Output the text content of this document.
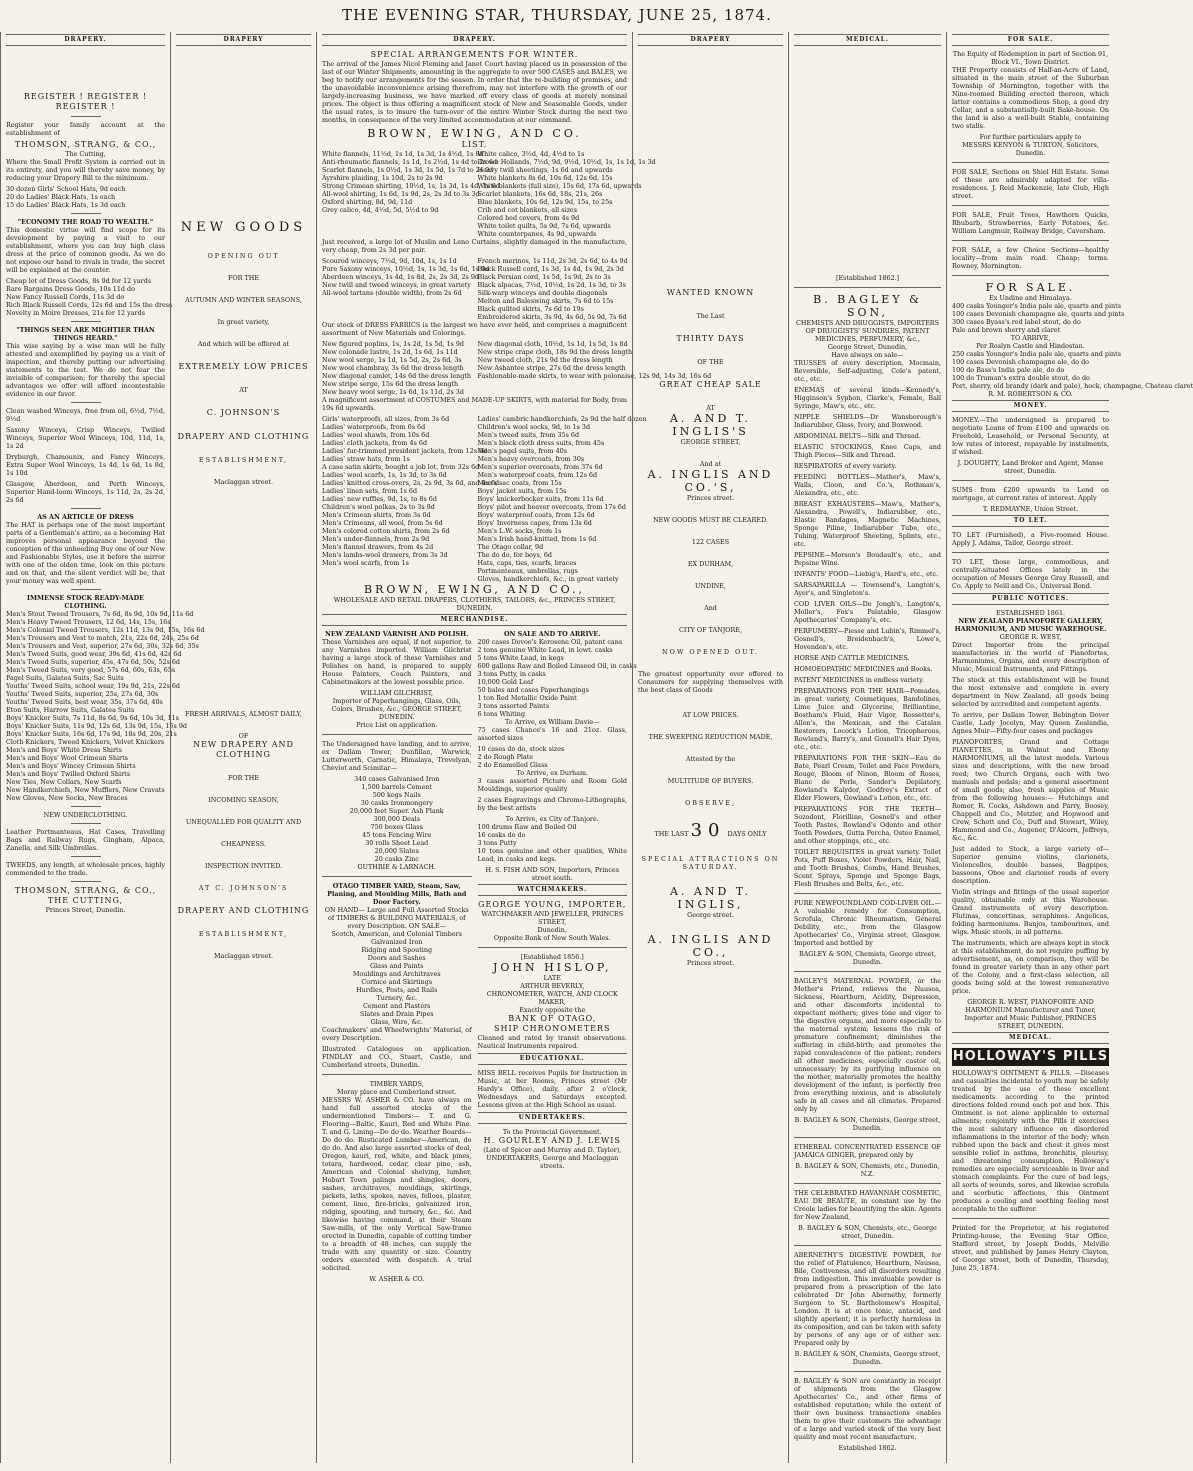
THE EVENING STAR, THURSDAY, JUNE 25, 1874.
DRAPERY.
REGISTER ! REGISTER ! REGISTER !

Register your family account at the establishment of

THOMSON, STRANG, & CO.,
The Cutting,

Where the Small Profit System is carried out in its entirety, and you will thereby save money, by reducing your Drapery Bill to the minimum.

30 dozen Girls' School Hats, 9d each
20 do Ladies' Black Hats, 1s each
15 do Ladies' Black Hats, 1s 3d each
"ECONOMY THE ROAD TO WEALTH."

This domestic virtue will find scope for its development by paying a visit to our establishment, where you can buy high class dress at the price of common goods. As we do not expose our hand to rivals in trade, the secret will be explained at the counter.

Cheap lot of Dress Goods, 8s 9d for 12 yards
Rare Bargains Dress Goods, 10s 11d do
New Fancy Russell Cords, 11s 3d do
Rich Black Russell Cords, 12s 6d and 15s the dress
Novelty in Moire Dresses, 21s for 12 yards
"THINGS SEEN ARE MIGHTIER THAN THINGS HEARD."

This wise saying by a wise man will be fully attested and exemplified by paying us a visit of inspection, and thereby putting our advertising statements to the test. We do not fear the invisible of comparison; for thereby the special advantages we offer will afford incontestable evidence in our favor.

Clean washed Winceys, free from oil, 6½d, 7½d, 9½d

Saxony Winceys, Crisp Winceys, Twilled Winceys, Superior Wool Winceys, 10d, 11d, 1s, 1s 2d

Dryburgh, Chamounix, and Fancy Winceys, Extra Super Wool Winceys, 1s 4d, 1s 6d, 1s 8d, 1s 10d

Glasgow, Aberdeen, and Perth Winceys, Superior Hand-loom Winceys, 1s 11d, 2s, 2s 2d, 2s 6d

AS AN ARTICLE OF DRESS

The HAT is perhaps one of the most important parts of a Gentleman's attire, as a becoming Hat improves personal appearance beyond the conception of the unheeding Buy one of our New and Fashionable Styles, use it before the mirror with one of the olden time, look on this picture and on that, and the silent verdict will be, that your money was well spent.

IMMENSE STOCK READY-MADE CLOTHING.
Men's Stout Tweed Trousers, 7s 6d, 8s 9d, 10s 9d, 11s 6d
Men's Heavy Tweed Trousers, 12 6d, 14s, 15s, 16s
Men's Colonial Tweed Trousers, 12s 11d, 13s 9d, 15s, 16s 6d
Men's Trousers and Vest to match, 21s, 22s 6d, 24s, 25s 6d
Men's Trousers and Vest, superior, 27s 6d, 30s, 32s 6d, 35s
Men's Tweed Suits, good wear, 39s 6d, 41s 6d, 42s 6d
Men's Tweed Suits, superior, 45s, 47s 6d, 50s, 52s 6d
Men's Tweed Suits, very good, 57s 6d, 60s, 63s, 65s
Pagel Suits, Galatea Suits, Sac Suits
Youths' Tweed Suits, school wear, 19s 9d, 21s, 22s 6d
Youths' Tweed Suits, superior, 25s, 27s 6d, 30s
Youths' Tweed Suits, best wear, 35s, 37s 6d, 40s
Eton Suits, Harrow Suits, Galatea Suits
Boys' Knicker Suits, 7s 11d, 8s 6d, 9s 6d, 10s 3d, 11s
Boys' Knicker Suits, 11s 9d, 12s 6d, 13s 9d, 15s, 15s 9d
Boys' Knicker Suits, 16s 6d, 17s 9d, 18s 9d, 20s, 21s
Cloth Knickers, Tweed Knickers, Velvet Knickers
Men's and Boys' White Dress Shirts
Men's and Boys' Wool Crimean Shirts
Men's and Boys' Wincey Crimean Shirts
Men's and Boys' Twilled Oxford Shirts
New Ties, New Collars, New Scarfs
New Handkerchiefs, New Mufflers, New Cravats
New Gloves, New Socks, New Braces
NEW UNDERCLOTHING.

Leather Portmanteaus, Hat Cases, Travelling Bags and Railway Rugs, Gingham, Alpaca, Zanella, and Silk Umbrellas.

TWEEDS, any length, at wholesale prices, highly commended to the trade.

THOMSON, STRANG, & CO.,
THE CUTTING,
Princes Street, Dunedin.
DRAPERY
NEW GOODS
OPENING OUT
FOR THE
AUTUMN AND WINTER SEASONS,
In great variety,
And which will be offered at
EXTREMELY LOW PRICES
AT
C. JOHNSON'S
DRAPERY AND CLOTHING
ESTABLISHMENT,
Maclaggan street.
FRESH ARRIVALS, ALMOST DAILY,
OF
NEW DRAPERY AND CLOTHING
FOR THE
INCOMING SEASON,
UNEQUALLED FOR QUALITY AND
CHEAPNESS.
INSPECTION INVITED.
AT C. JOHNSON'S
DRAPERY AND CLOTHING
ESTABLISHMENT,
Maclaggan street.
DRAPERY.
SPECIAL ARRANGEMENTS FOR WINTER.

The arrival of the James Nicol Fleming and Janet Court having placed us in possession of the last of our Winter Shipments, amounting in the aggregate to over 500 CASES and BALES, we beg to notify our arrangements for the season. In order that the re-building of premises, and the unavoidable inconvenience arising therefrom, may not interfere with the growth of our largely-increasing business, we have marked off every class of goods at merely nominal prices. The object is thus offering a magnificent stock of New and Seasonable Goods, under the usual rates, is to insure the turn-over of the entire Winter Stock during the next two months, in consequence of the very limited accommodation at our command.

BROWN, EWING, AND CO.
LIST.
White flannels, 11½d, 1s 1d, 1s 3d, 1s 4½d, 1s 8d
Anti-rheumatic flannels, 1s 1d, 1s 2½d, 1s 4d to 2s 6d
Scarlet flannels, 1s 0½d, 1s 3d, 1s 5d, 1s 7d to 2s 9d
Ayrshire plaiding, 1s 10d, 2s to 2s 9d
Strong Crimean shirting, 10½d, 1s, 1s 3d, 1s 4d, 1s 6d
All-wool shirting, 1s 6d, 1s 9d, 2s, 2s 3d to 3s 3d
Oxford shirting, 8d, 9d, 11d
Grey calico, 4d, 4½d, 5d, 5½d to 9d
White calico, 3½d, 4d, 4½d to 1s
Brown Hollands, 7½d, 9d, 9½d, 10½d, 1s, 1s 1d, 1s 3d
Heavy twill sheetings, 1s 6d and upwards
White blankets 8s 6d, 10s 6d, 12s 6d, 15s
White blankets (full size), 15s 6d, 17s 6d, upwards
Scarlet blankets, 16s 6d, 18s, 21s, 26s
Blue blankets, 10s 6d, 12s 9d, 15s, to 25s
Crib and cot blankets, all sizes
Colored bed covers, from 4s 9d
White toilet quilts, 5s 9d, 7s 6d, upwards
White counterpanes, 4s 9d, upwards

Just received, a large lot of Muslin and Leno Curtains, slightly damaged in the manufacture, very cheap, from 2s 3d per pair.

Scoured winceys, 7½d, 9d, 10d, 1s, 1s 1d
Pure Saxony winceys, 10½d, 1s, 1s 3d, 1s 6d, 1s 9d
Aberdeen winceys, 1s 4d, 1s 8d, 2s, 2s 3d, 2s 9d
New twill and tweed winceys, in great variety
All-wool tartans (double width), from 2s 6d
French merinos, 1s 11d, 2s 3d, 2s 6d, to 4s 9d
Black Russell cord, 1s 3d, 1s 4d, 1s 9d, 2s 3d
Black Persian cord, 1s 5d, 1s 9d, 2s to 3s
Black alpacas, 7½d, 10½d, 1s 2d, 1s 3d, to 3s
Silk-warp winceys and double diagonals
Melton and Baleswing skirts, 7s 6d to 15s
Black quilted skirts, 7s 6d to 19s
Embroidered skirts, 3s 9d, 4s 6d, 5s 9d, 7s 6d

Our stock of DRESS FABRICS is the largest we have ever held, and comprises a magnificent assortment of New Materials and Colorings.

New figured poplins, 1s, 1s 2d, 1s 5d, 1s 9d
New colonade lustre, 1s 2d, 1s 6d, 1s 11d
New wool serge, 1s 1d, 1s 5d, 2s, 2s 6d, 3s
New wool chambray, 3s 6d the dress length
New diagonal camlet, 14s 6d the dress length
New stripe serge, 15s 6d the dress length
New heavy wool serge, 1s 6d, 1s 11d, 2s 3d
New diagonal cloth, 10½d, 1s 1d, 1s 5d, 1s 8d
New stripe crape cloth, 18s 9d the dress length
New tweed cloth, 21s 9d the dress length
New Ashantee stripe, 27s 6d the dress length
Fashionable-made skirts, to wear with polonaise, 12s 9d, 14s 3d, 16s 6d

A magnificent assortment of COSTUMES and MADE-UP SKIRTS, with material for Body, from 19s 6d upwards.

Girls' waterproofs, all sizes, from 3s 6d
Ladies' waterproofs, from 6s 6d
Ladies' wool shawls, from 10s 6d
Ladies' cloth jackets, from 4s 6d
Ladies' fur-trimmed president jackets, from 12s 6d
Ladies' straw hats, from 1s
A case satin skirts, bought a job lot, from 32s 6d
Ladies' wool scarfs, 1s, 1s 3d, to 3s 6d
Ladies' knitted cross-overs, 2s, 2s 9d, 3s 6d, and 4s 6d
Ladies' linen sets, from 1s 6d
Ladies' new ruffles, 9d, 1s, to 8s 6d
Children's wool polkas, 2s to 3s 9d
Men's Crimean shirts, from 3s 6d
Men's Crimeans, all wool, from 5s 6d
Men's colored cotton shirts, from 2s 6d
Men's under-flannels, from 2s 9d
Men's flannel drawers, from 4s 2d
Men's lambs-wool drawers, from 3s 3d
Men's wool scarfs, from 1s
Ladies' cambric handkerchiefs, 2s 9d the half dozen
Children's wool socks, 9d, to 1s 3d
Men's tweed suits, from 35s 6d
Men's black cloth dress suits, from 45s
Men's pagel suits, from 40s
Men's heavy overcoats, from 30s
Men's superior overcoats, from 37s 6d
Men's waterproof coats, from 12s 6d
Men's sac coats, from 15s
Boys' jacket suits, from 15s
Boys' knickerbocker suits, from 11s 6d
Boys' pilot and beaver overcoats, from 17s 6d
Boys' waterproof coats, from 12s 6d
Boys' Inverness capes, from 13s 6d
Men's L.W. socks, from 1s
Men's Irish hand-knitted, from 1s 6d
The Otago collar, 9d
The do do, for boys, 6d
Hats, caps, ties, scarfs, braces
Portmanteaux, umbrellas, rugs
Gloves, handkerchiefs, &c., in great variety
BROWN, EWING, AND CO.,
WHOLESALE AND RETAIL DRAPERS, CLOTHIERS, TAILORS, &c., PRINCES STREET, DUNEDIN.
MERCHANDISE.
NEW ZEALAND VARNISH AND POLISH.

These Varnishes are equal, if not superior, to any Varnishes imported. William Gilchrist having a large stock of these Varnishes and Polishes on hand, is prepared to supply House Painters, Coach Painters, and Cabinetmakers at the lowest possible price.

WILLIAM GILCHRIST,
Importer of Paperhangings, Glass, Oils, Colors, Brushes, &c., GEORGE STREET, DUNEDIN.
Price List on application.

The Undersigned have landing, and to arrive, ex Dallam Tower, Dunfillan, Warwick, Lutterworth, Carnatic, Himalaya, Trevelyan, Cheviot and Scimitar—

340 cases Galvanised Iron
1,500 barrels Cement
500 kegs Nails
30 casks Ironmongery
20,000 feet Super. Ash Plank
300,000 Deals
750 boxes Glass
45 tons Fencing Wire
30 rolls Sheet Lead
20,000 Slates
20 casks Zinc
GUTHRIE & LARNACH.
OTAGO TIMBER YARD, Steam, Saw, Planing, and Moulding Mills, Bath and Door Factory.
ON HAND— Large and Full Assorted Stocks of TIMBERS & BUILDING MATERIALS, of every Description. ON SALE—
Scotch, American, and Colonial Timbers
Galvanized Iron
Ridging and Spouting
Doors and Sashes
Glass and Paints
Mouldings and Architraves
Cornice and Skirtings
Hurdles, Posts, and Rails
Turnery, &c.
Cement and Plasters
Slates and Drain Pipes
Glass, Wire, &c.

Coachmakers' and Wheelwrights' Material, of every Description.

Illustrated Catalogues on application. FINDLAY and CO., Stuart, Castle, and Cumberland streets, Dunedin.

TIMBER YARDS,
Moray place and Cumberland street.

MESSRS W. ASHER & CO. have always on hand full assorted stocks of the undermentioned Timbers:— T. and G. Flooring—Baltic, Kauri, Red and White Pine. T. and G. Lining—Do do do. Weather Boards—Do do do. Rusticated Lumber—American, do do do. And also large assorted stocks of deal, Oregon, kauri, red, white, and black pines, totara, hardwood, cedar, clear pine, ash, American and Colonial shelving, lumber, Hobart Town palings and shingles, doors, sashes, architraves, mouldings, skirtings, pickets, laths, spokes, naves, felloes, plaster, cement, lime, fire-bricks, galvanized iron, ridging, spouting, and turnery, &c., &c. And likewise having command, at their Steam Saw-mills, of the only Vertical Saw-frame erected in Dunedin, capable of cutting timber to a breadth of 48 inches, can supply the trade with any quantity or size. Country orders executed with despatch. A trial solicited.

W. ASHER & CO.
ON SALE AND TO ARRIVE.
200 cases Devoe's Kerosene Oil, patent cans
2 tons genuine White Lead, in lowt. casks
5 tons White Lead, in kegs
600 gallons Raw and Boiled Linseed Oil, in casks
3 tons Putty, in casks
10,000 Gold Leaf
50 bales and cases Paperhangings
1 ton Red Metallic Oxide Paint
3 tons assorted Paints
6 tons Whiting
To Arrive, ex William Davie—

75 cases Chance's 16 and 21oz. Glass, assorted sizes

10 cases do do, stock sizes
2 do Rough Plate
2 do Enamelled Glass
To Arrive, ex Durham.

3 cases assorted Picture and Room Gold Mouldings, superior quality

2 cases Engravings and Chromo-Lithographs, by the best artists

To Arrive, ex City of Tanjore.
100 drums Raw and Boiled Oil
16 casks do do
3 tons Putty

10 tons genuine and other qualities, White Lead, in casks and kegs.

H. S. FISH AND SON, Importers, Princes street south.
WATCHMAKERS.
GEORGE YOUNG, IMPORTER,
WATCHMAKER AND JEWELLER, PRINCES STREET,
Dunedin,
Opposite Bank of New South Wales.
[Established 1856.]
JOHN HISLOP,
LATE
ARTHUR BEVERLY,
CHRONOMETER, WATCH, AND CLOCK MAKER,
Exactly opposite the
BANK OF OTAGO,
SHIP CHRONOMETERS

Cleaned and rated by transit observations. Nautical Instruments repaired.

EDUCATIONAL.

MISS BELL receives Pupils for Instruction in Music, at her Rooms, Princes street (Mr Hardy's Office), daily, after 2 o'clock, Wednesdays and Saturdays excepted. Lessons given at the High School as usual.

UNDERTAKERS.
To the Provincial Government.
H. GOURLEY AND J. LEWIS
(Late of Spicer and Murray and D. Taylor), UNDERTAKERS, George and Maclaggan streets.
DRAPERY
WANTED KNOWN
The Last
THIRTY DAYS
OF THE
GREAT CHEAP SALE
AT
A. AND T. INGLIS'S
GEORGE STREET,
And at
A. INGLIS AND CO.'S,
Princes street.
NEW GOODS MUST BE CLEARED.
122 CASES
EX DURHAM,
UNDINE,
And
CITY OF TANJORE,
NOW OPENED OUT.

The greatest opportunity ever offered to Consumers for supplying themselves with the best class of Goods

AT LOW PRICES.
THE SWEEPING REDUCTION MADE,
Attested by the
MULTITUDE OF BUYERS.
OBSERVE,
THE LAST 30 DAYS ONLY
SPECIAL ATTRACTIONS ON SATURDAY.
A. AND T. INGLIS,
George street.
A. INGLIS AND CO.,
Princes street.
MEDICAL.
[Established 1862.]
B. BAGLEY & SON,
CHEMISTS AND DRUGGISTS, IMPORTERS OF DRUGGISTS' SUNDRIES, PATENT MEDICINES, PERFUMERY, &c.,
George Street, Dunedin,
Have always on sale—

TRUSSES of every description, Mocmain, Reversible, Self-adjusting, Cole's patent, etc., etc.

ENEMAS of several kinds—Kennedy's, Higginson's Syphon, Clarke's, Female, Ball Syringe, Maw's, etc., etc.

NIPPLE SHIELDS—Dr Wansborough's Indiarubber, Glass, Ivory, and Boxwood.

ABDOMINAL BELTS—Silk and Thread.

ELASTIC STOCKINGS, Knee Caps, and Thigh Pieces—Silk and Thread.

RESPIRATORS of every variety.

FEEDING BOTTLES—Mather's, Maw's, Walls, Cloon, and Co.'s, Rothman's, Alexandra, etc., etc.

BREAST EXHAUSTERS—Maw's, Mather's, Alexandra, Powell's, Indiarubber, etc., Elastic Bandages, Magnetic Machines, Sponge Piline, Indiarubber Tube, etc., Tubing, Waterproof Sheeting, Splints, etc., etc.

PEPSINE—Morson's Boudault's, etc., and Pepsine Wine.

INFANTS' FOOD—Liebig's, Hard's, etc., etc.

SARSAPARILLA — Townsend's, Langton's, Ayer's, and Singleton's.

COD LIVER OILS—De Jongh's, Langton's, Moller's, Fox's Palatable, Glasgow Apothecaries' Company's, etc.

PERFUMERY—Piesse and Lubin's, Rimmel's, Gosnell's, Breidenbach's, Lowe's, Hovenden's, etc.

HORSE AND CATTLE MEDICINES.

HOMOEOPATHIC MEDICINES and Books.

PATENT MEDICINES in endless variety.

PREPARATIONS FOR THE HAIR—Pomades, in great variety, Cosmetiques, Bandolines, Lime Juice and Glycerine, Brilliantine, Bostham's Fluid, Hair Vigor, Rossetter's, Allen's, the Mexican, and the Catalan Restorers, Locock's Lotion, Tricopherous, Rowland's, Barry's, and Gosnell's Hair Dyes, etc., etc.

PREPARATIONS FOR THE SKIN—Eau de Bate, Pearl Cream, Toilet and Face Powders, Rouge, Bloom of Ninon, Bloom of Roses, Blanc de Perle, Sander's Depilatory, Rowland's Kalydor, Godfrey's Extract of Elder Flowers, Gowland's Lotion, etc., etc.

PREPARATIONS FOR THE TEETH—Sozodont, Florilline, Gosnell's and other Tooth Pastes, Rowland's Odonto and other Tooth Powders, Gutta Percha, Osteo Enamel, and other stoppings, etc., etc.

TOILET REQUISITES in great variety. Toilet Pots, Puff Boxes, Violet Powders, Hair, Nail, and Tooth Brushes, Combs, Hand Brushes, Scent Sprays, Sponge and Sponge Bags, Flesh Brushes and Belts, &c., etc.

PURE NEWFOUNDLAND COD-LIVER OIL.—A valuable remedy for Consumption, Scrofula, Chronic Rheumatism, General Debility, etc., from the Glasgow Apothecaries' Co., Virginia street, Glasgow. Imported and bottled by

BAGLEY & SON, Chemists, George street, Dunedin.

BAGLEY'S MATERNAL POWDER, or the Mother's Friend, relieves the Nausea, Sickness, Heartburn, Acidity, Depression, and other discomforts incidental to expectant mothers; gives tone and vigor to the digestive organs, and more especially to the maternal system; lessens the risk of premature confinement; diminishes the suffering in child-birth; and promotes the rapid convalescence of the patient; renders all other medicines, especially castor oil, unnecessary; by its purifying influence on the mother, materially promotes the healthy development of the infant; is perfectly free from everything noxious, and is absolutely safe in all cases and all climates. Prepared only by

B. BAGLEY & SON, Chemists, George street, Dunedin.

ETHEREAL CONCENTRATED ESSENCE OF JAMAICA GINGER, prepared only by

B. BAGLEY & SON, Chemists, etc., Dunedin, N.Z.

THE CELEBRATED HAVANNAH COSMETIC, EAU DE BEAUTE, in constant use by the Creole ladies for beautifying the skin. Agents for New Zealand,

B. BAGLEY & SON, Chemists, etc., George street, Dunedin.

ABERNETHY'S DIGESTIVE POWDER, for the relief of Flatulence, Heartburn, Nausea, Bile, Costiveness, and all disorders resulting from indigestion. This invaluable powder is prepared from a prescription of the late celebrated Dr John Abernethy, formerly Surgeon to St. Bartholomew's Hospital, London. It is at once tonic, antacid, and slightly aperient; it is perfectly harmless in its composition, and can be taken with safety by persons of any age or of either sex. Prepared only by

B. BAGLEY & SON, Chemists, George street, Dunedin.

B. BAGLEY & SON are constantly in receipt of shipments from the Glasgow Apothecaries' Co., and other firms of established reputation; while the extent of their own business transactions enables them to give their customers the advantage of a large and varied stock of the very best quality and most recent manufacture.

Established 1862.
FOR SALE.
The Equity of Redemption in part of Section 91, Block VI., Town District.

THE Property consists of Half-an-Acre of Land, situated in the main street of the Suburban Township of Mornington, together with the Nine-roomed Building erected thereon, which latter contains a commodious Shop, a good dry Cellar, and a substantially-built Bake-house. On the land is also a well-built Stable, containing two stalls.

For further particulars apply to
MESSRS KENYON & TURTON, Solicitors, Dunedin.

FOR SALE, Sections on Shiel Hill Estate. Some of these are admirably adapted for villa-residences. J. Reid Mackenzie, late Club, High street.

FOR SALE, Fruit Trees, Hawthorn Quicks, Rhubarb, Strawberries, Early Potatoes, &c. William Langmuir, Railway Bridge, Caversham.

FOR SALE, a few Choice Sections—healthy locality—from main road. Cheap; terms. Rowney, Mornington.

FOR SALE.
Ex Undine and Himalaya.
400 casks Younger's India pale ale, quarts and pints
100 cases Devonish champagne ale, quarts and pints
300 cases Byass's red label stout, do do
Pale and brown sherry and claret
TO ARRIVE,
Per Roslyn Castle and Hindostan.
250 casks Younger's India pale ale, quarts and pints
100 cases Devonish champagne ale, do do
100 do Bass's India pale ale, do do
100 do Truman's extra double stout, do do
Port, sherry, old brandy (dark and pale), hock, champagne, Chateau claret
R. M. ROBERTSON & CO.
MONEY.

MONEY.—The undersigned is prepared to negotiate Loans of from £100 and upwards on Freehold, Leasehold, or Personal Security, at low rates of interest, repayable by instalments, if wished.

J. DOUGHTY, Land Broker and Agent, Manse street, Dunedin.

SUMS from £200 upwards to Lend on mortgage, at current rates of interest. Apply

T. REDMAYNE, Union Street.
TO LET.

TO LET (Furnished), a Five-roomed House. Apply J. Adams, Tailor, George street.

TO LET, those large, commodious, and centrally-situated Offices lately in the occupation of Messrs George Gray Russell, and Co. Apply to Neill and Co., Universal Bond.

PUBLIC NOTICES.
ESTABLISHED 1861.
NEW ZEALAND PIANOFORTE GALLERY, HARMONIUM, AND MUSIC WAREHOUSE.
GEORGE R. WEST,

Direct Importer from the principal manufactories in the world of Pianofortes, Harmoniums, Organs, and every description of Music, Musical Instruments, and Fittings.

The stock at this establishment will be found the most extensive and complete in every department in New Zealand, all goods being selected by accredited and competent agents.

To arrive, per Dallam Tower, Bebington Dover Castle, Lady Jocelyn, May Queen Zealandia, Agnes Muir—Fifty-four cases and packages

PIANOFORTES, Grand and Cottage PIANETTES, in Walnut and Ebony HARMONIUMS, all the latest models. Various sizes and descriptions, with the new broad reed; two Church Organs, each with two manuals and pedals; and a general assortment of small goods; also, fresh supplies of Music from the following houses:— Hutchings and Romer, R. Cocks, Ashdown and Parry, Boosey, Chappell and Co., Metzler, and Hopwood and Crew, Schott and Co., Duff and Stewart, Wiley, Hammond and Co., Augener, D'Alcorn, Jeffreys, &c., &c.

Just added to Stock, a large variety of— Superior genuine violins, clarionets, Violoncellos, double basses, Bagpipes, bassoons, Oboe and clarionet reeds of every description.

Violin strings and fittings of the usual superior quality, obtainable only at this Warehouse. Grand instruments of every description. Flutinas, concertinas, seraphines. Angelicas, folding harmoniums. Banjos, tambourines, and wigs. Music stools, in all patterns.

The instruments, which are always kept in stock at this establishment, do not require puffing by advertisement, as, on comparison, they will be found in greater variety than in any other part of the Colony, and a first-class selection, all goods being sold at the lowest remunerative price.

GEORGE R. WEST, PIANOFORTE AND HARMONIUM Manufacturer and Tuner, Importer and Music Publisher, PRINCES STREET, DUNEDIN.
MEDICAL.
HOLLOWAY'S PILLS

HOLLOWAY'S OINTMENT & PILLS. —Diseases and casualties incidental to youth may be safely treated by the use of these excellent medicaments according to the printed directions folded round each pot and box. This Ointment is not alone applicable to external ailments; conjointly with the Pills it exercises the most salutary influence on disordered inflammations in the interior of the body; when rubbed upon the back and chest it gives most sensible relief in asthma, bronchitis, pleurisy, and threatening consumption. Holloway's remedies are especially serviceable in liver and stomach complaints. For the cure of bad legs, all sorts of wounds, sores, and likewise scrofula and scorbutic affections, this Ointment produces a cooling and soothing feeling most acceptable to the sufferer.

Printed for the Proprietor, at his registered Printing-house, the Evening Star Office, Stafford street, by Joseph Dodds, Melville street, and published by James Henry Clayton, of George street, both of Dunedin, Thursday, June 25, 1874.
